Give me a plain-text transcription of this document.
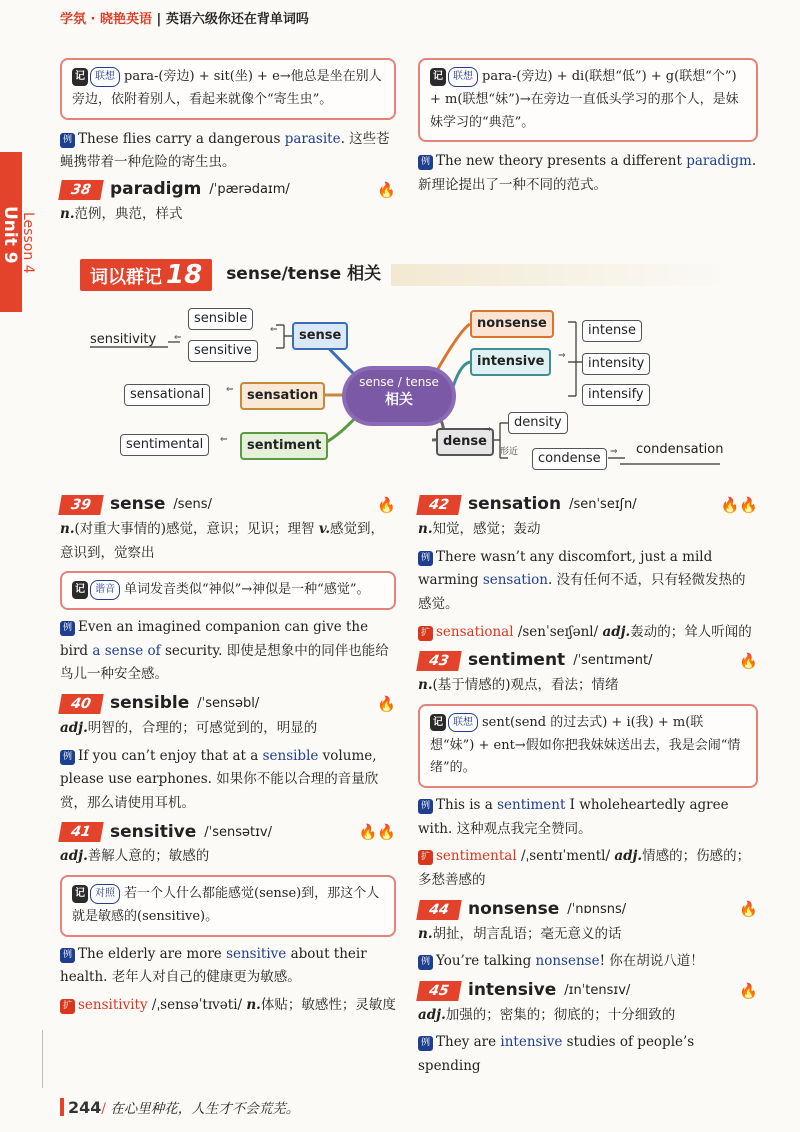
学氛 · 晓艳英语 | 英语六级你还在背单词吗
Unit 9 Lesson 4
记 联想 para-(旁边) + sit(坐) + e→他总是坐在别人旁边，依附着别人，看起来就像个“寄生虫”。
例 These flies carry a dangerous parasite. 这些苍蝇携带着一种危险的寄生虫。
38	paradigm /ˈpærədaɪm/	🔥
n.范例，典范，样式
记 联想 para-(旁边) + di(联想“低”) + g(联想“个”) + m(联想“妹”)→在旁边一直低头学习的那个人，是妹妹学习的“典范”。
例 The new theory presents a different paradigm. 新理论提出了一种不同的范式。
词以群记 18	sense/tense 相关
sensitivity ⇐
sensible
sensitive
⇐	sense
sensational	⇐	sensation
sentimental	⇐	sentiment
sense / tense
相关
nonsense
intensive	⇒
intense
intensity
intensify
dense
⇒	density
形近	condense	⇒ condensation
39	sense /sens/	🔥
n.(对重大事情的)感觉，意识；见识；理智 v.感觉到，意识到，觉察出
记 谐音 单词发音类似“神似”→神似是一种“感觉”。
例 Even an imagined companion can give the bird a sense of security. 即使是想象中的同伴也能给鸟儿一种安全感。
40	sensible /ˈsensəbl/	🔥
adj.明智的，合理的；可感觉到的，明显的
例 If you can’t enjoy that at a sensible volume, please use earphones. 如果你不能以合理的音量欣赏，那么请使用耳机。
41	sensitive /ˈsensətɪv/	🔥🔥
adj.善解人意的；敏感的
记 对照 若一个人什么都能感觉(sense)到，那这个人就是敏感的(sensitive)。
例 The elderly are more sensitive about their health. 老年人对自己的健康更为敏感。
扩 sensitivity /ˌsensəˈtɪvəti/ n.体贴；敏感性；灵敏度
42	sensation /senˈseɪʃn/	🔥🔥
n.知觉，感觉；轰动
例 There wasn’t any discomfort, just a mild warming sensation. 没有任何不适，只有轻微发热的感觉。
扩 sensational /senˈseɪʃənl/ adj.轰动的；耸人听闻的
43	sentiment /ˈsentɪmənt/	🔥
n.(基于情感的)观点，看法；情绪
记 联想 sent(send 的过去式) + i(我) + m(联想“妹”) + ent→假如你把我妹妹送出去，我是会闹“情绪”的。
例 This is a sentiment I wholeheartedly agree with. 这种观点我完全赞同。
扩 sentimental /ˌsentɪˈmentl/ adj.情感的；伤感的；多愁善感的
44	nonsense /ˈnɒnsns/	🔥
n.胡扯，胡言乱语；毫无意义的话
例 You’re talking nonsense! 你在胡说八道！
45	intensive /ɪnˈtensɪv/	🔥
adj.加强的；密集的；彻底的；十分细致的
例 They are intensive studies of people’s spending
244/ 在心里种花，人生才不会荒芜。
